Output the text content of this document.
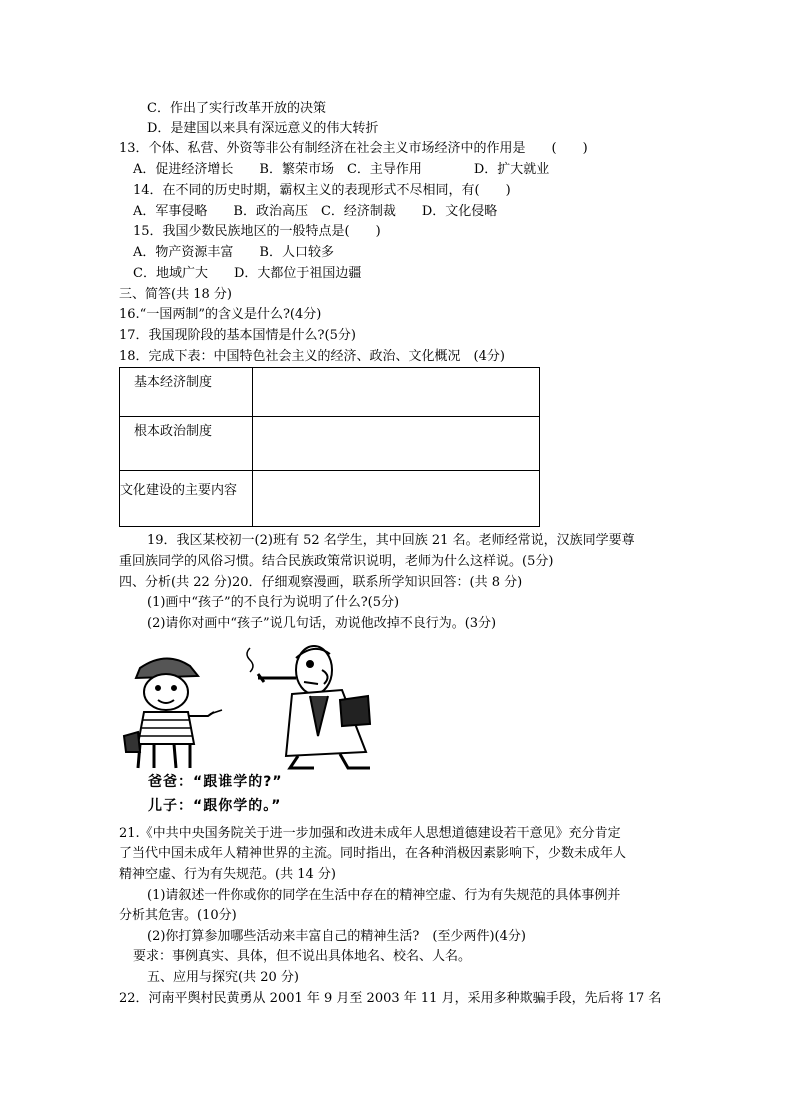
C．作出了实行改革开放的决策
D．是建国以来具有深远意义的伟大转折
13．个体、私营、外资等非公有制经济在社会主义市场经济中的作用是　　(　　)
A．促进经济增长　　B．繁荣市场　C．主导作用　　　　D．扩大就业
14．在不同的历史时期，霸权主义的表现形式不尽相同，有(　　)
A．军事侵略　　B．政治高压　C．经济制裁　　D．文化侵略
15．我国少数民族地区的一般特点是(　　)
A．物产资源丰富　　B．人口较多
C．地域广大　　D．大都位于祖国边疆
三、简答(共 18 分)
16.“一国两制”的含义是什么?(4分)
17．我国现阶段的基本国情是什么?(5分)
18．完成下表：中国特色社会主义的经济、政治、文化概况　(4分)
基本经济制度	
根本政治制度	
文化建设的主要内容	
19．我区某校初一(2)班有 52 名学生，其中回族 21 名。老师经常说，汉族同学要尊
重回族同学的风俗习惯。结合民族政策常识说明，老师为什么这样说。(5分)
四、分析(共 22 分)20．仔细观察漫画，联系所学知识回答：(共 8 分)
(1)画中“孩子”的不良行为说明了什么?(5分)
(2)请你对画中“孩子”说几句话，劝说他改掉不良行为。(3分)
爸爸：“跟谁学的?”
儿子：“跟你学的。”
21.《中共中央国务院关于进一步加强和改进未成年人思想道德建设若干意见》充分肯定
了当代中国未成年人精神世界的主流。同时指出，在各种消极因素影响下，少数未成年人
精神空虚、行为有失规范。(共 14 分)
(1)请叙述一件你或你的同学在生活中存在的精神空虚、行为有失规范的具体事例并
分析其危害。(10分)
(2)你打算参加哪些活动来丰富自己的精神生活?　(至少两件)(4分)
要求：事例真实、具体，但不说出具体地名、校名、人名。
五、应用与探究(共 20 分)
22．河南平舆村民黄勇从 2001 年 9 月至 2003 年 11 月，采用多种欺骗手段，先后将 17 名
